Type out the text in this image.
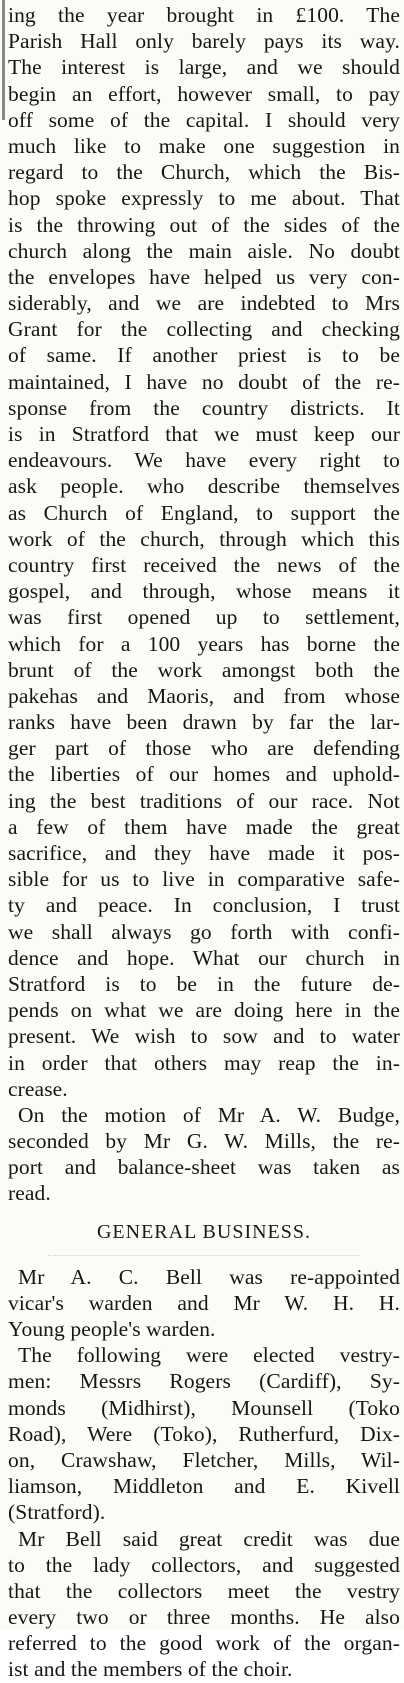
ing the year brought in £100. The
Parish Hall only barely pays its way.
The interest is large, and we should
begin an effort, however small, to pay
off some of the capital. I should very
much like to make one suggestion in
regard to the Church, which the Bis-
hop spoke expressly to me about. That
is the throwing out of the sides of the
church along the main aisle. No doubt
the envelopes have helped us very con-
siderably, and we are indebted to Mrs
Grant for the collecting and checking
of same. If another priest is to be
maintained, I have no doubt of the re-
sponse from the country districts. It
is in Stratford that we must keep our
endeavours. We have every right to
ask people. who describe themselves
as Church of England, to support the
work of the church, through which this
country first received the news of the
gospel, and through, whose means it
was first opened up to settlement,
which for a 100 years has borne the
brunt of the work amongst both the
pakehas and Maoris, and from whose
ranks have been drawn by far the lar-
ger part of those who are defending
the liberties of our homes and uphold-
ing the best traditions of our race. Not
a few of them have made the great
sacrifice, and they have made it pos-
sible for us to live in comparative safe-
ty and peace. In conclusion, I trust
we shall always go forth with confi-
dence and hope. What our church in
Stratford is to be in the future de-
pends on what we are doing here in the
present. We wish to sow and to water
in order that others may reap the in-
crease.
On the motion of Mr A. W. Budge,
seconded by Mr G. W. Mills, the re-
port and balance-sheet was taken as
read.
GENERAL BUSINESS.
Mr A. C. Bell was re-appointed
vicar's warden and Mr W. H. H.
Young people's warden.
The following were elected vestry-
men: Messrs Rogers (Cardiff), Sy-
monds (Midhirst), Mounsell (Toko
Road), Were (Toko), Rutherfurd, Dix-
on, Crawshaw, Fletcher, Mills, Wil-
liamson, Middleton and E. Kivell
(Stratford).
Mr Bell said great credit was due
to the lady collectors, and suggested
that the collectors meet the vestry
every two or three months. He also
referred to the good work of the organ-
ist and the members of the choir.
